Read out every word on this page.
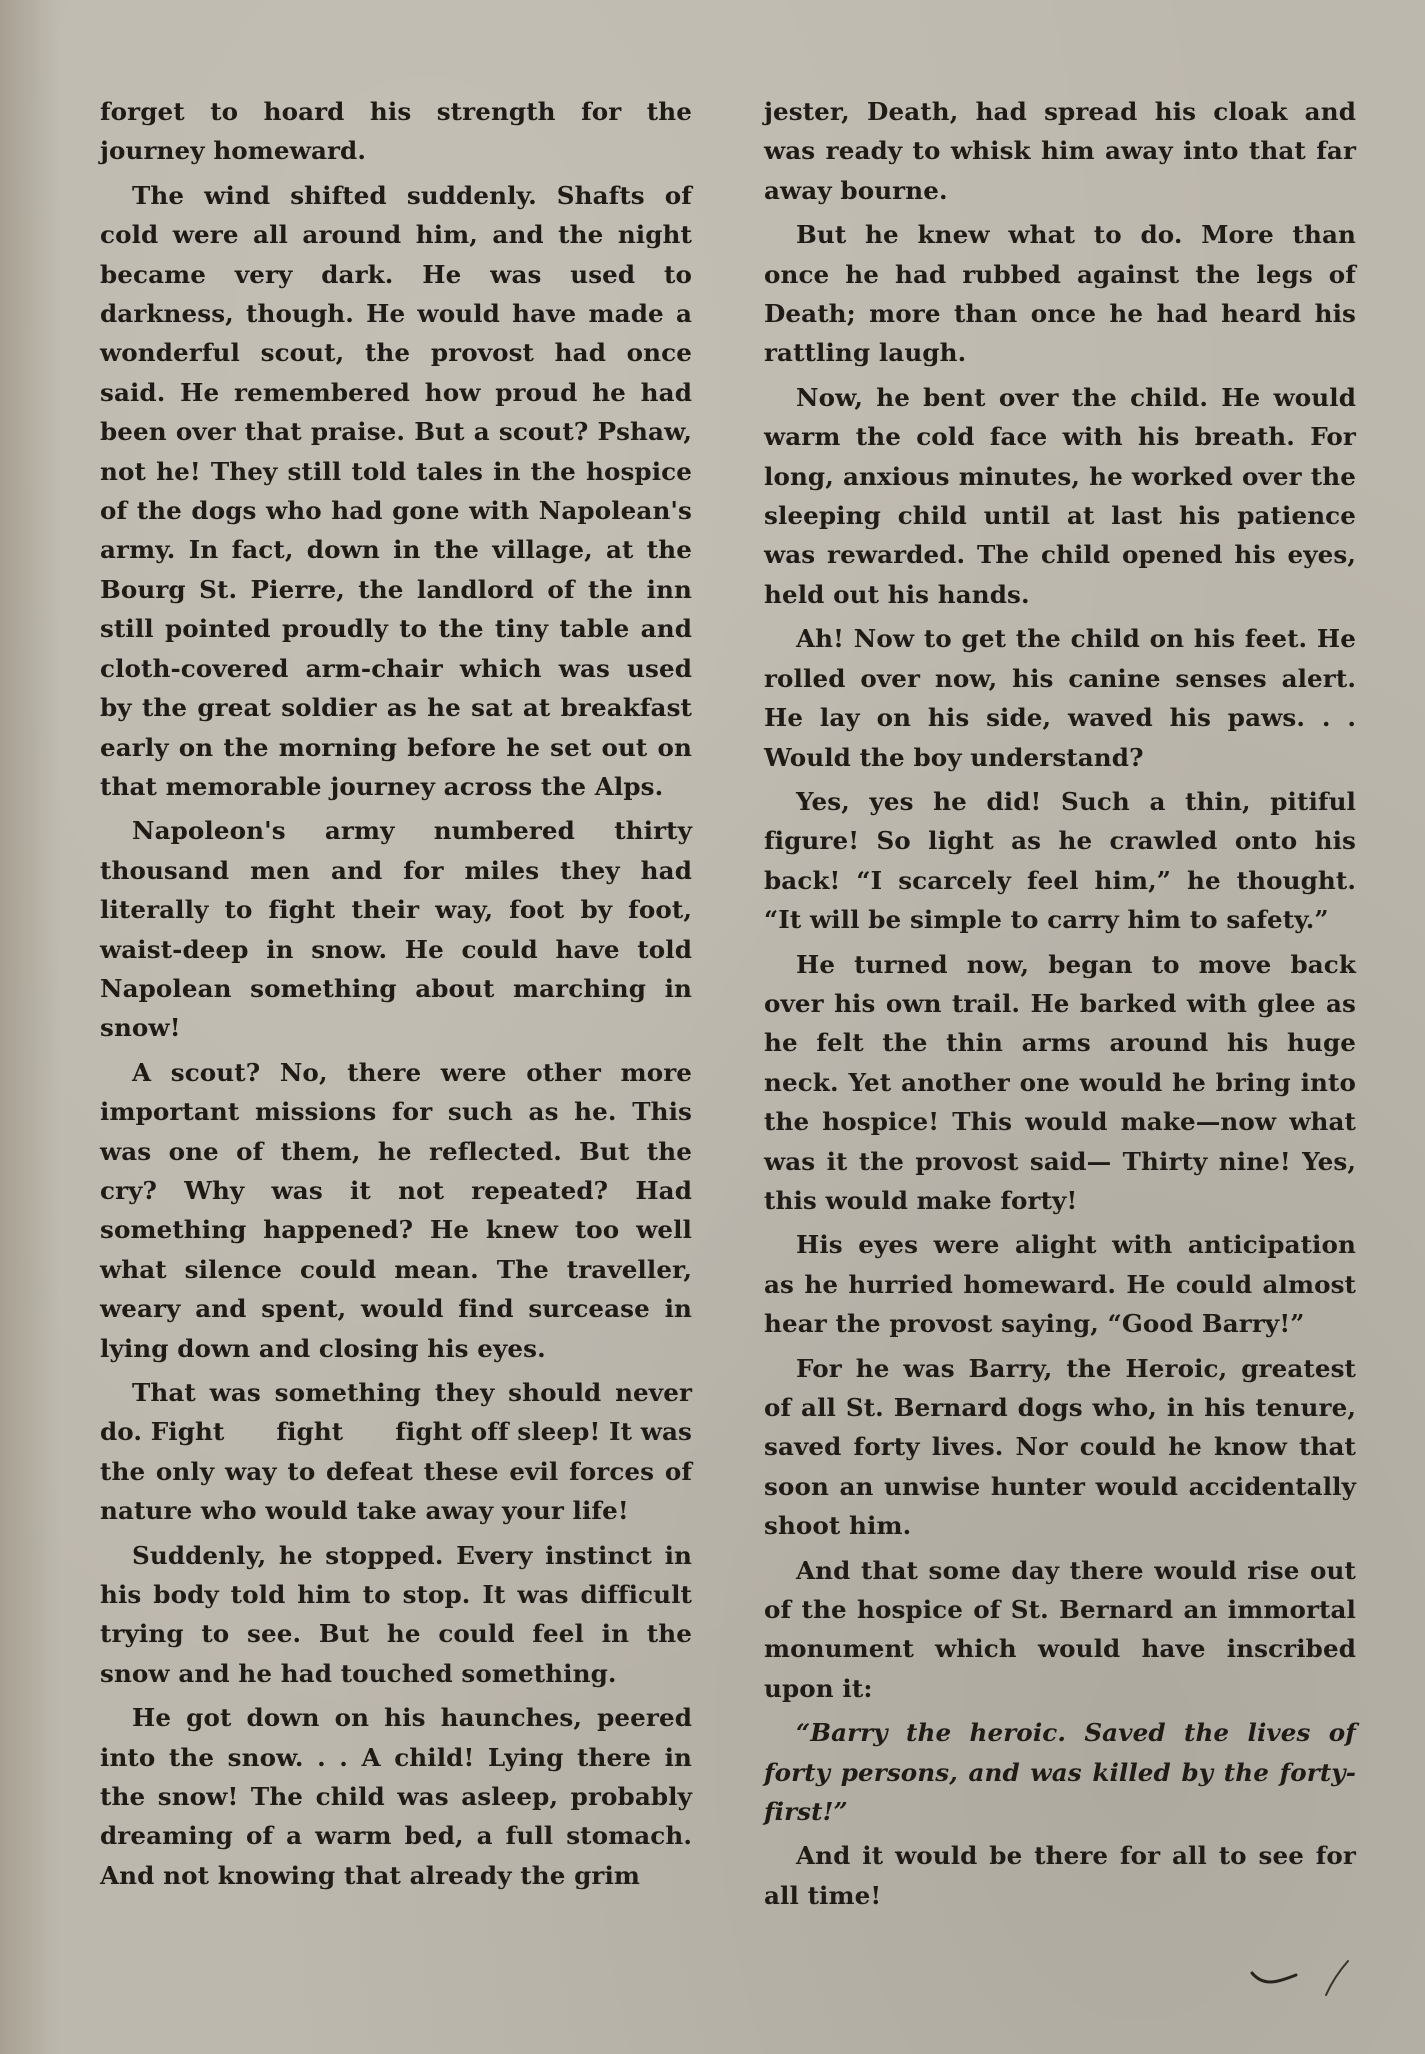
forget to hoard his strength for the journey homeward.

The wind shifted suddenly. Shafts of cold were all around him, and the night became very dark. He was used to darkness, though. He would have made a wonderful scout, the provost had once said. He remembered how proud he had been over that praise. But a scout? Pshaw, not he! They still told tales in the hospice of the dogs who had gone with Napolean's army. In fact, down in the village, at the Bourg St. Pierre, the landlord of the inn still pointed proudly to the tiny table and cloth-covered arm-chair which was used by the great soldier as he sat at breakfast early on the morning before he set out on that memorable journey across the Alps.

Napoleon's army numbered thirty thousand men and for miles they had literally to fight their way, foot by foot, waist-deep in snow. He could have told Napolean something about marching in snow!

A scout? No, there were other more important missions for such as he. This was one of them, he reflected. But the cry? Why was it not repeated? Had something happened? He knew too well what silence could mean. The traveller, weary and spent, would find surcease in lying down and closing his eyes.

That was something they should never do. Fight      fight      fight off sleep! It was the only way to defeat these evil forces of nature who would take away your life!

Suddenly, he stopped. Every instinct in his body told him to stop. It was difficult trying to see. But he could feel in the snow and he had touched something.

He got down on his haunches, peered into the snow. . . A child! Lying there in the snow! The child was asleep, probably dreaming of a warm bed, a full stomach. And not knowing that already the grim

jester, Death, had spread his cloak and was ready to whisk him away into that far away bourne.

But he knew what to do. More than once he had rubbed against the legs of Death; more than once he had heard his rattling laugh.

Now, he bent over the child. He would warm the cold face with his breath. For long, anxious minutes, he worked over the sleeping child until at last his patience was rewarded. The child opened his eyes, held out his hands.

Ah! Now to get the child on his feet. He rolled over now, his canine senses alert. He lay on his side, waved his paws. . . Would the boy understand?

Yes, yes he did! Such a thin, pitiful figure! So light as he crawled onto his back! “I scarcely feel him,” he thought. “It will be simple to carry him to safety.”

He turned now, began to move back over his own trail. He barked with glee as he felt the thin arms around his huge neck. Yet another one would he bring into the hospice! This would make—now what was it the provost said— Thirty nine! Yes, this would make forty!

His eyes were alight with anticipation as he hurried homeward. He could almost hear the provost saying, “Good Barry!”

For he was Barry, the Heroic, greatest of all St. Bernard dogs who, in his tenure, saved forty lives. Nor could he know that soon an unwise hunter would accidentally shoot him.

And that some day there would rise out of the hospice of St. Bernard an immortal monument which would have inscribed upon it:

“Barry the heroic. Saved the lives of forty persons, and was killed by the forty-first!”

And it would be there for all to see for all time!
